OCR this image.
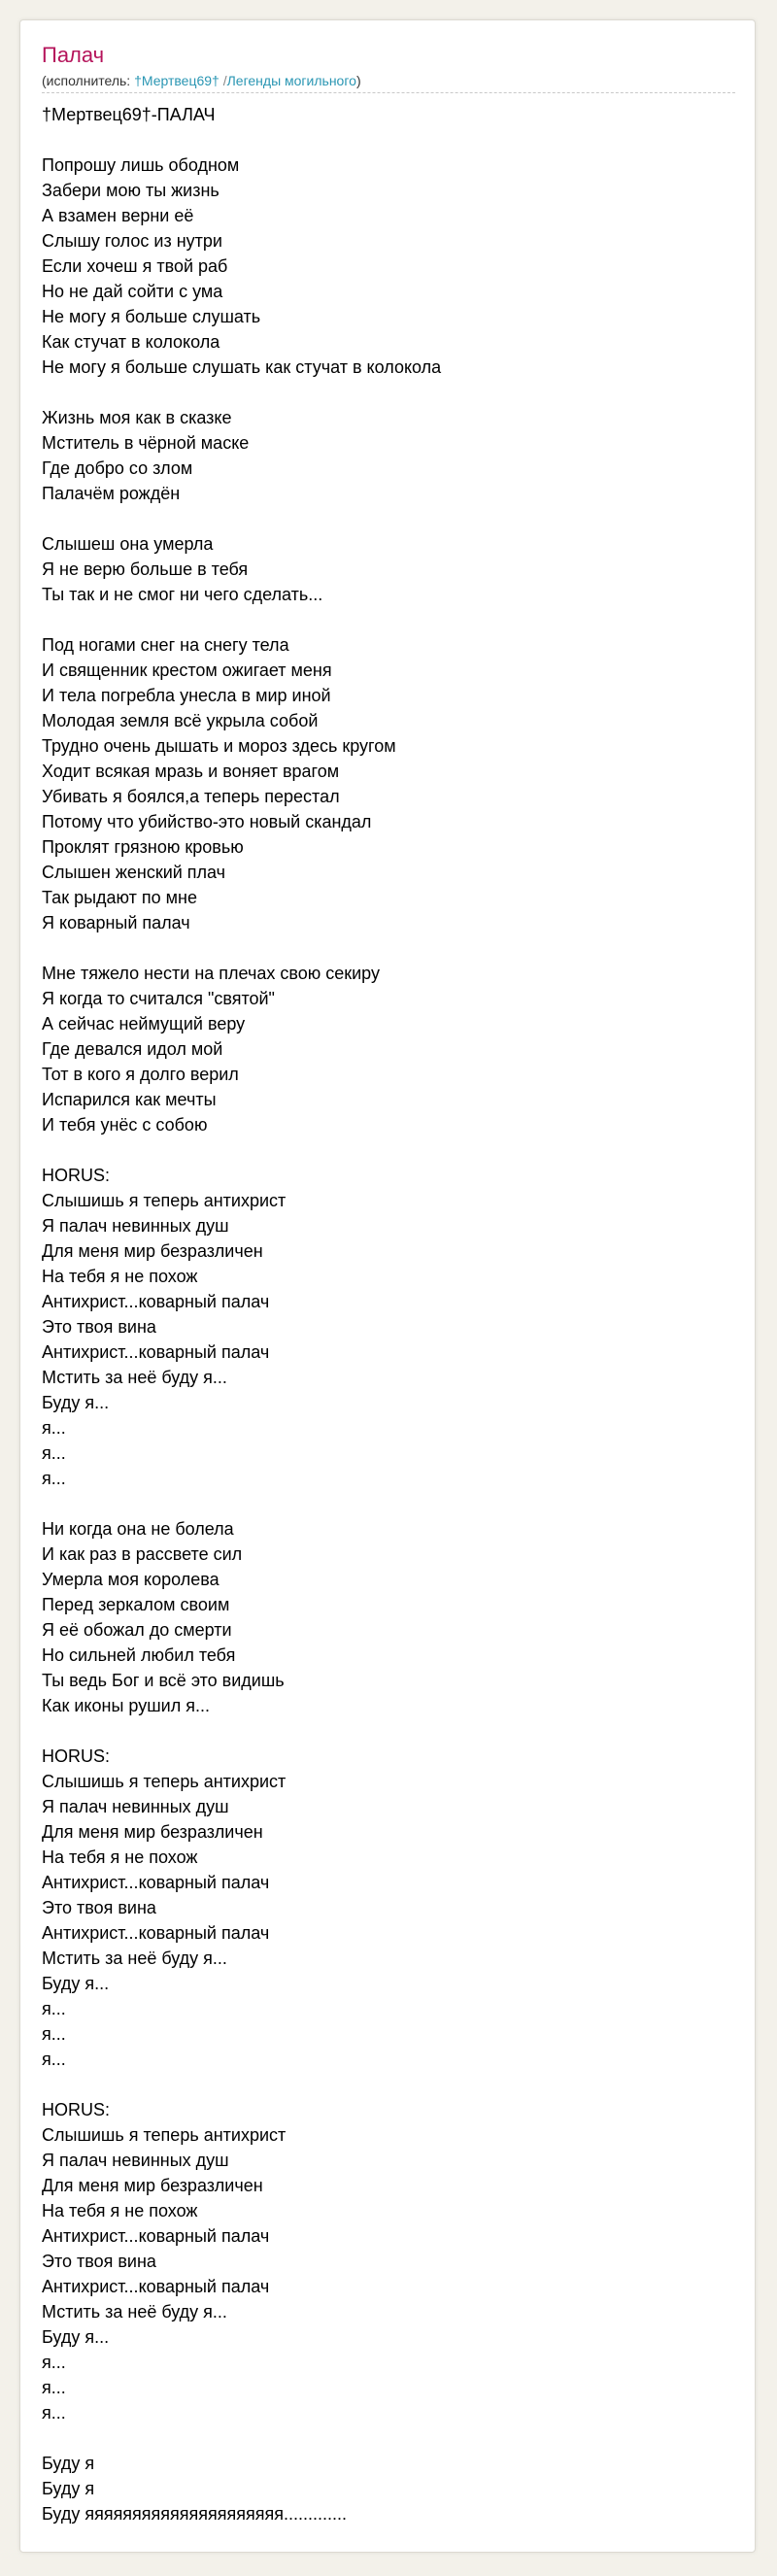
Палач
(исполнитель: †Мертвец69† /Легенды могильного)
†Мертвец69†-ПАЛАЧ
Попрошу лишь ободном
Забери мою ты жизнь
А взамен верни её
Слышу голос из нутри
Если хочеш я твой раб
Но не дай сойти с ума
Не могу я больше слушать
Как стучат в колокола
Не могу я больше слушать как стучат в колокола
Жизнь моя как в сказке
Мститель в чёрной маске
Где добро со злом
Палачём рождён
Слышеш она умерла
Я не верю больше в тебя
Ты так и не смог ни чего сделать...
Под ногами снег на снегу тела
И священник крестом ожигает меня
И тела погребла унесла в мир иной
Молодая земля всё укрыла собой
Трудно очень дышать и мороз здесь кругом
Ходит всякая мразь и воняет врагом
Убивать я боялся,а теперь перестал
Потому что убийство-это новый скандал
Проклят грязною кровью
Слышен женский плач
Так рыдают по мне
Я коварный палач
Мне тяжело нести на плечах свою секиру
Я когда то считался "святой"
А сейчас неймущий веру
Где девался идол мой
Тот в кого я долго верил
Испарился как мечты
И тебя унёс с собою
HORUS:
Слышишь я теперь антихрист
Я палач невинных душ
Для меня мир безразличен
На тебя я не похож
Антихрист...коварный палач
Это твоя вина
Антихрист...коварный палач
Мстить за неё буду я...
Буду я...
я...
я...
я...
Ни когда она не болела
И как раз в рассвете сил
Умерла моя королева
Перед зеркалом своим
Я её обожал до смерти
Но сильней любил тебя
Ты ведь Бог и всё это видишь
Как иконы рушил я...
HORUS:
Слышишь я теперь антихрист
Я палач невинных душ
Для меня мир безразличен
На тебя я не похож
Антихрист...коварный палач
Это твоя вина
Антихрист...коварный палач
Мстить за неё буду я...
Буду я...
я...
я...
я...
HORUS:
Слышишь я теперь антихрист
Я палач невинных душ
Для меня мир безразличен
На тебя я не похож
Антихрист...коварный палач
Это твоя вина
Антихрист...коварный палач
Мстить за неё буду я...
Буду я...
я...
я...
я...
Буду я
Буду я
Буду яяяяяяяяяяяяяяяяяяяяя.............
